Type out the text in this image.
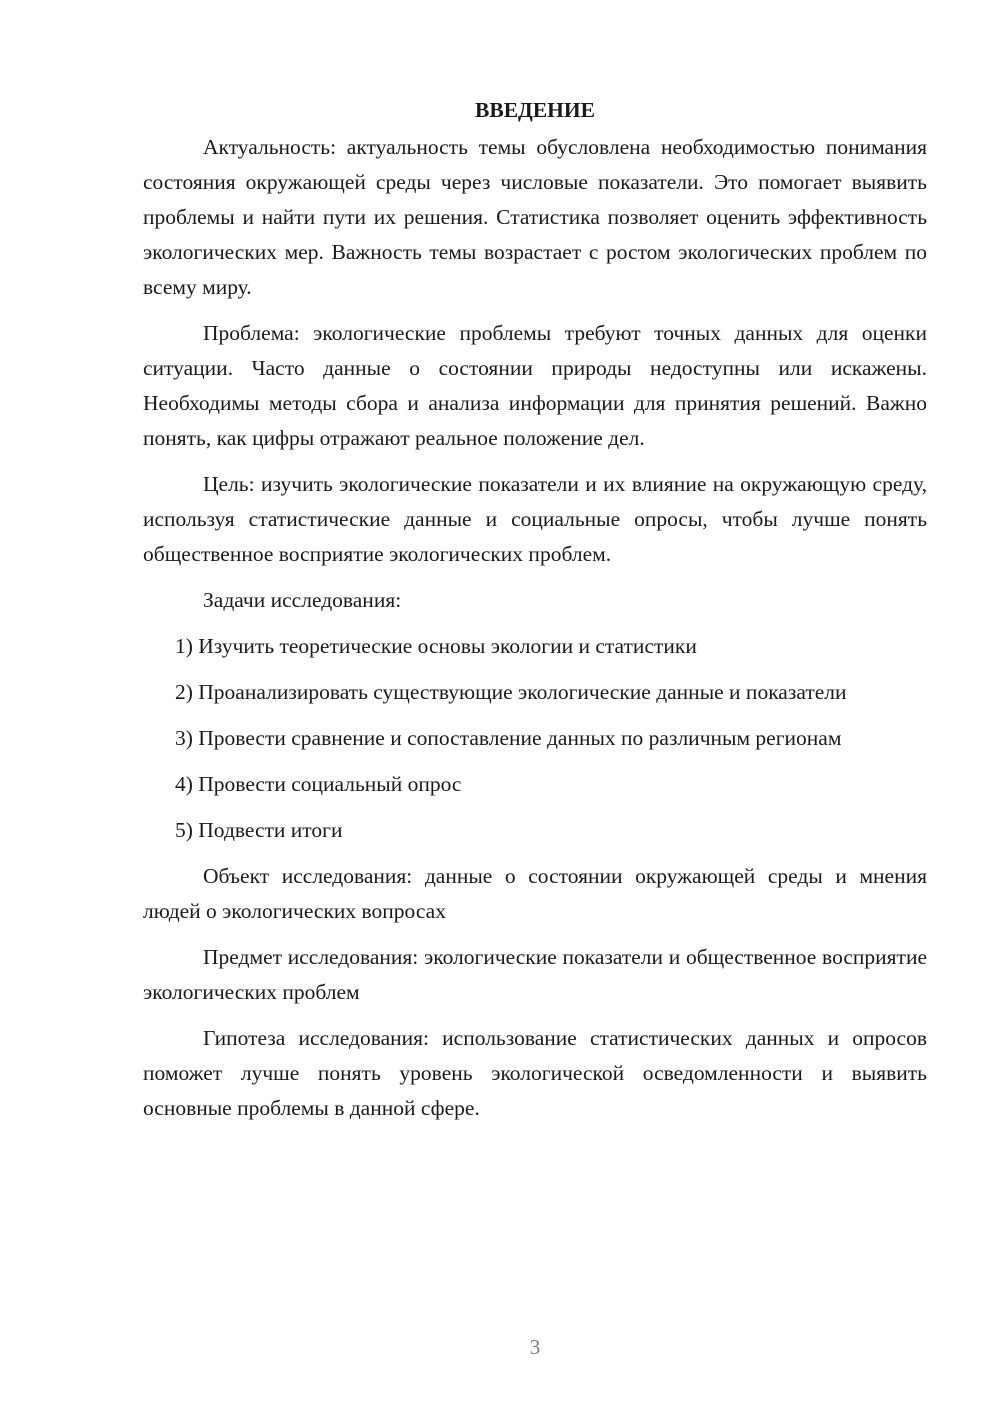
ВВЕДЕНИЕ

Актуальность: актуальность темы обусловлена необходимостью понимания состояния окружающей среды через числовые показатели. Это помогает выявить проблемы и найти пути их решения. Статистика позволяет оценить эффективность экологических мер. Важность темы возрастает с ростом экологических проблем по всему миру.

Проблема: экологические проблемы требуют точных данных для оценки ситуации. Часто данные о состоянии природы недоступны или искажены. Необходимы методы сбора и анализа информации для принятия решений. Важно понять, как цифры отражают реальное положение дел.

Цель: изучить экологические показатели и их влияние на окружающую среду, используя статистические данные и социальные опросы, чтобы лучше понять общественное восприятие экологических проблем.

Задачи исследования:

1) Изучить теоретические основы экологии и статистики

2) Проанализировать существующие экологические данные и показатели

3) Провести сравнение и сопоставление данных по различным регионам

4) Провести социальный опрос

5) Подвести итоги

Объект исследования: данные о состоянии окружающей среды и мнения людей о экологических вопросах

Предмет исследования: экологические показатели и общественное восприятие экологических проблем

Гипотеза исследования: использование статистических данных и опросов поможет лучше понять уровень экологической осведомленности и выявить основные проблемы в данной сфере.

3
